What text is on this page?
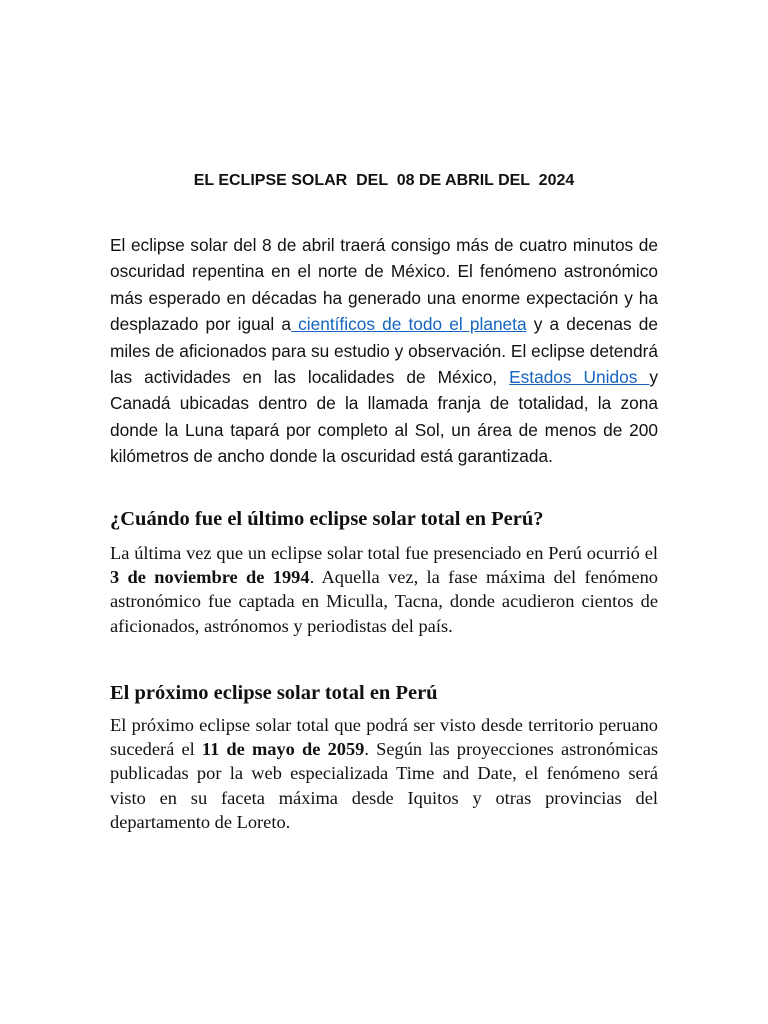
EL ECLIPSE SOLAR  DEL  08 DE ABRIL DEL  2024

El eclipse solar del 8 de abril traerá consigo más de cuatro minutos de oscuridad repentina en el norte de México. El fenómeno astronómico más esperado en décadas ha generado una enorme expectación y ha desplazado por igual a científicos de todo el planeta y a decenas de miles de aficionados para su estudio y observación. El eclipse detendrá las actividades en las localidades de México, Estados Unidos y Canadá ubicadas dentro de la llamada franja de totalidad, la zona donde la Luna tapará por completo al Sol, un área de menos de 200 kilómetros de ancho donde la oscuridad está garantizada.

¿Cuándo fue el último eclipse solar total en Perú?

La última vez que un eclipse solar total fue presenciado en Perú ocurrió el 3 de noviembre de 1994. Aquella vez, la fase máxima del fenómeno astronómico fue captada en Miculla, Tacna, donde acudieron cientos de aficionados, astrónomos y periodistas del país.

El próximo eclipse solar total en Perú

El próximo eclipse solar total que podrá ser visto desde territorio peruano sucederá el 11 de mayo de 2059. Según las proyecciones astronómicas publicadas por la web especializada Time and Date, el fenómeno será visto en su faceta máxima desde Iquitos y otras provincias del departamento de Loreto.
